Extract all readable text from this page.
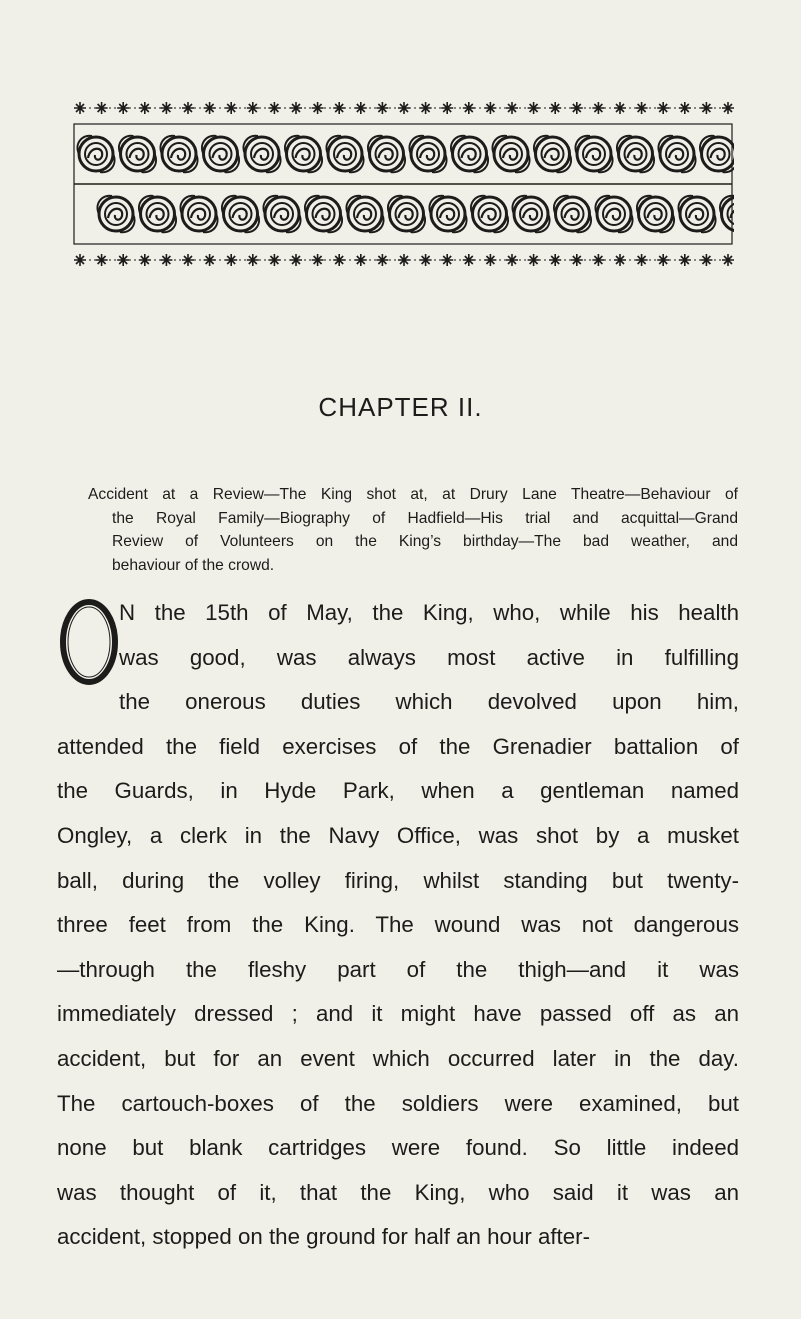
CHAPTER II.
Accident at a Review—The King shot at, at Drury Lane Theatre—Behaviour of
the Royal Family—Biography of Hadfield—His trial and acquittal—Grand
Review of Volunteers on the King’s birthday—The bad weather, and
behaviour of the crowd.
O
N the 15th of May, the King, who, while his health
was good, was always most active in fulfilling
the onerous duties which devolved upon him,
attended the field exercises of the Grenadier battalion of
the Guards, in Hyde Park, when a gentleman named
Ongley, a clerk in the Navy Office, was shot by a musket
ball, during the volley firing, whilst standing but twenty-
three feet from the King. The wound was not dangerous
—through the fleshy part of the thigh—and it was
immediately dressed ; and it might have passed off as an
accident, but for an event which occurred later in the day.
The cartouch-boxes of the soldiers were examined, but
none but blank cartridges were found. So little indeed
was thought of it, that the King, who said it was an
accident, stopped on the ground for half an hour after-
